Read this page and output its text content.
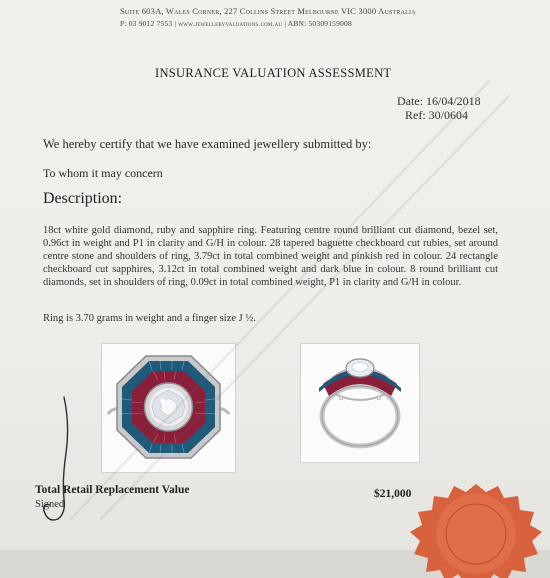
Suite 603A, Wales Corner, 227 Collins Street Melbourne VIC 3000 Australia
P: 03 9012 7553 | www.jewelleryvaluations.com.au | ABN: 50309159008
INSURANCE VALUATION ASSESSMENT
Date: 16/04/2018
Ref: 30/0604
We hereby certify that we have examined jewellery submitted by:
To whom it may concern
Description:
18ct white gold diamond, ruby and sapphire ring. Featuring centre round brilliant cut diamond, bezel set, 0.96ct in weight and P1 in clarity and G/H in colour. 28 tapered baguette checkboard cut rubies, set around centre stone and shoulders of ring, 3.79ct in total combined weight and pinkish red in colour. 24 rectangle checkboard cut sapphires, 3.12ct in total combined weight and dark blue in colour. 8 round brilliant cut diamonds, set in shoulders of ring, 0.09ct in total combined weight, P1 in clarity and G/H in colour.
Ring is 3.70 grams in weight and a finger size J ½.
Total Retail Replacement Value	$21,000
Signed
